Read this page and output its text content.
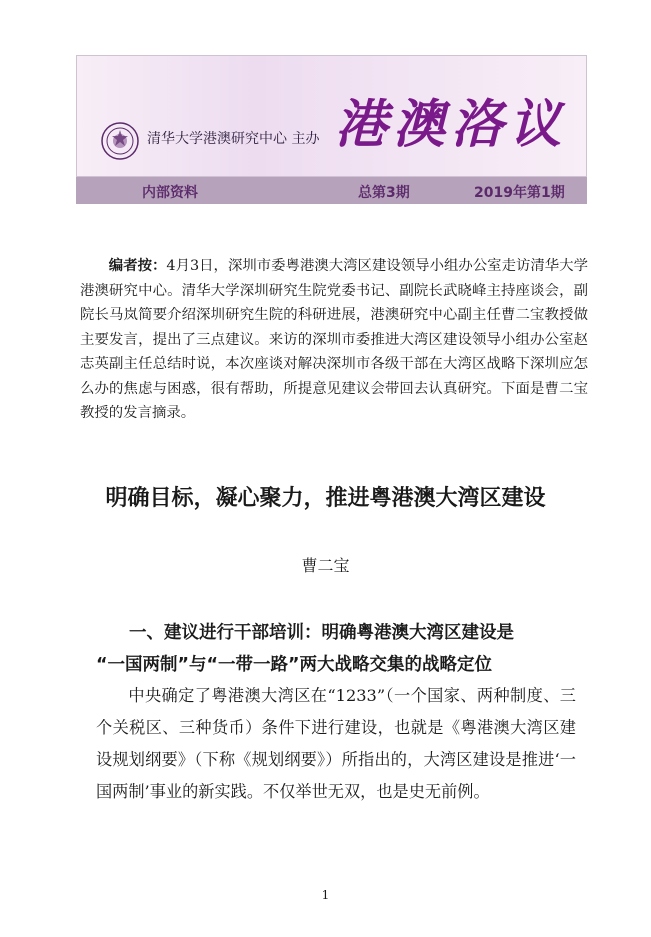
清华大学港澳研究中心 主办 港澳洛议
内部资料	总第3期	2019年第1期
编者按：4月3日，深圳市委粤港澳大湾区建设领导小组办公室走访清华大学港澳研究中心。清华大学深圳研究生院党委书记、副院长武晓峰主持座谈会，副院长马岚简要介绍深圳研究生院的科研进展，港澳研究中心副主任曹二宝教授做主要发言，提出了三点建议。来访的深圳市委推进大湾区建设领导小组办公室赵志英副主任总结时说，本次座谈对解决深圳市各级干部在大湾区战略下深圳应怎么办的焦虑与困惑，很有帮助，所提意见建议会带回去认真研究。下面是曹二宝教授的发言摘录。
明确目标，凝心聚力，推进粤港澳大湾区建设
曹二宝
一、建议进行干部培训：明确粤港澳大湾区建设是
“一国两制”与“一带一路”两大战略交集的战略定位
中央确定了粤港澳大湾区在“1233”（一个国家、两种制度、三个关税区、三种货币）条件下进行建设，也就是《粤港澳大湾区建设规划纲要》（下称《规划纲要》）所指出的，大湾区建设是推进‘一国两制’事业的新实践。不仅举世无双，也是史无前例。
1
